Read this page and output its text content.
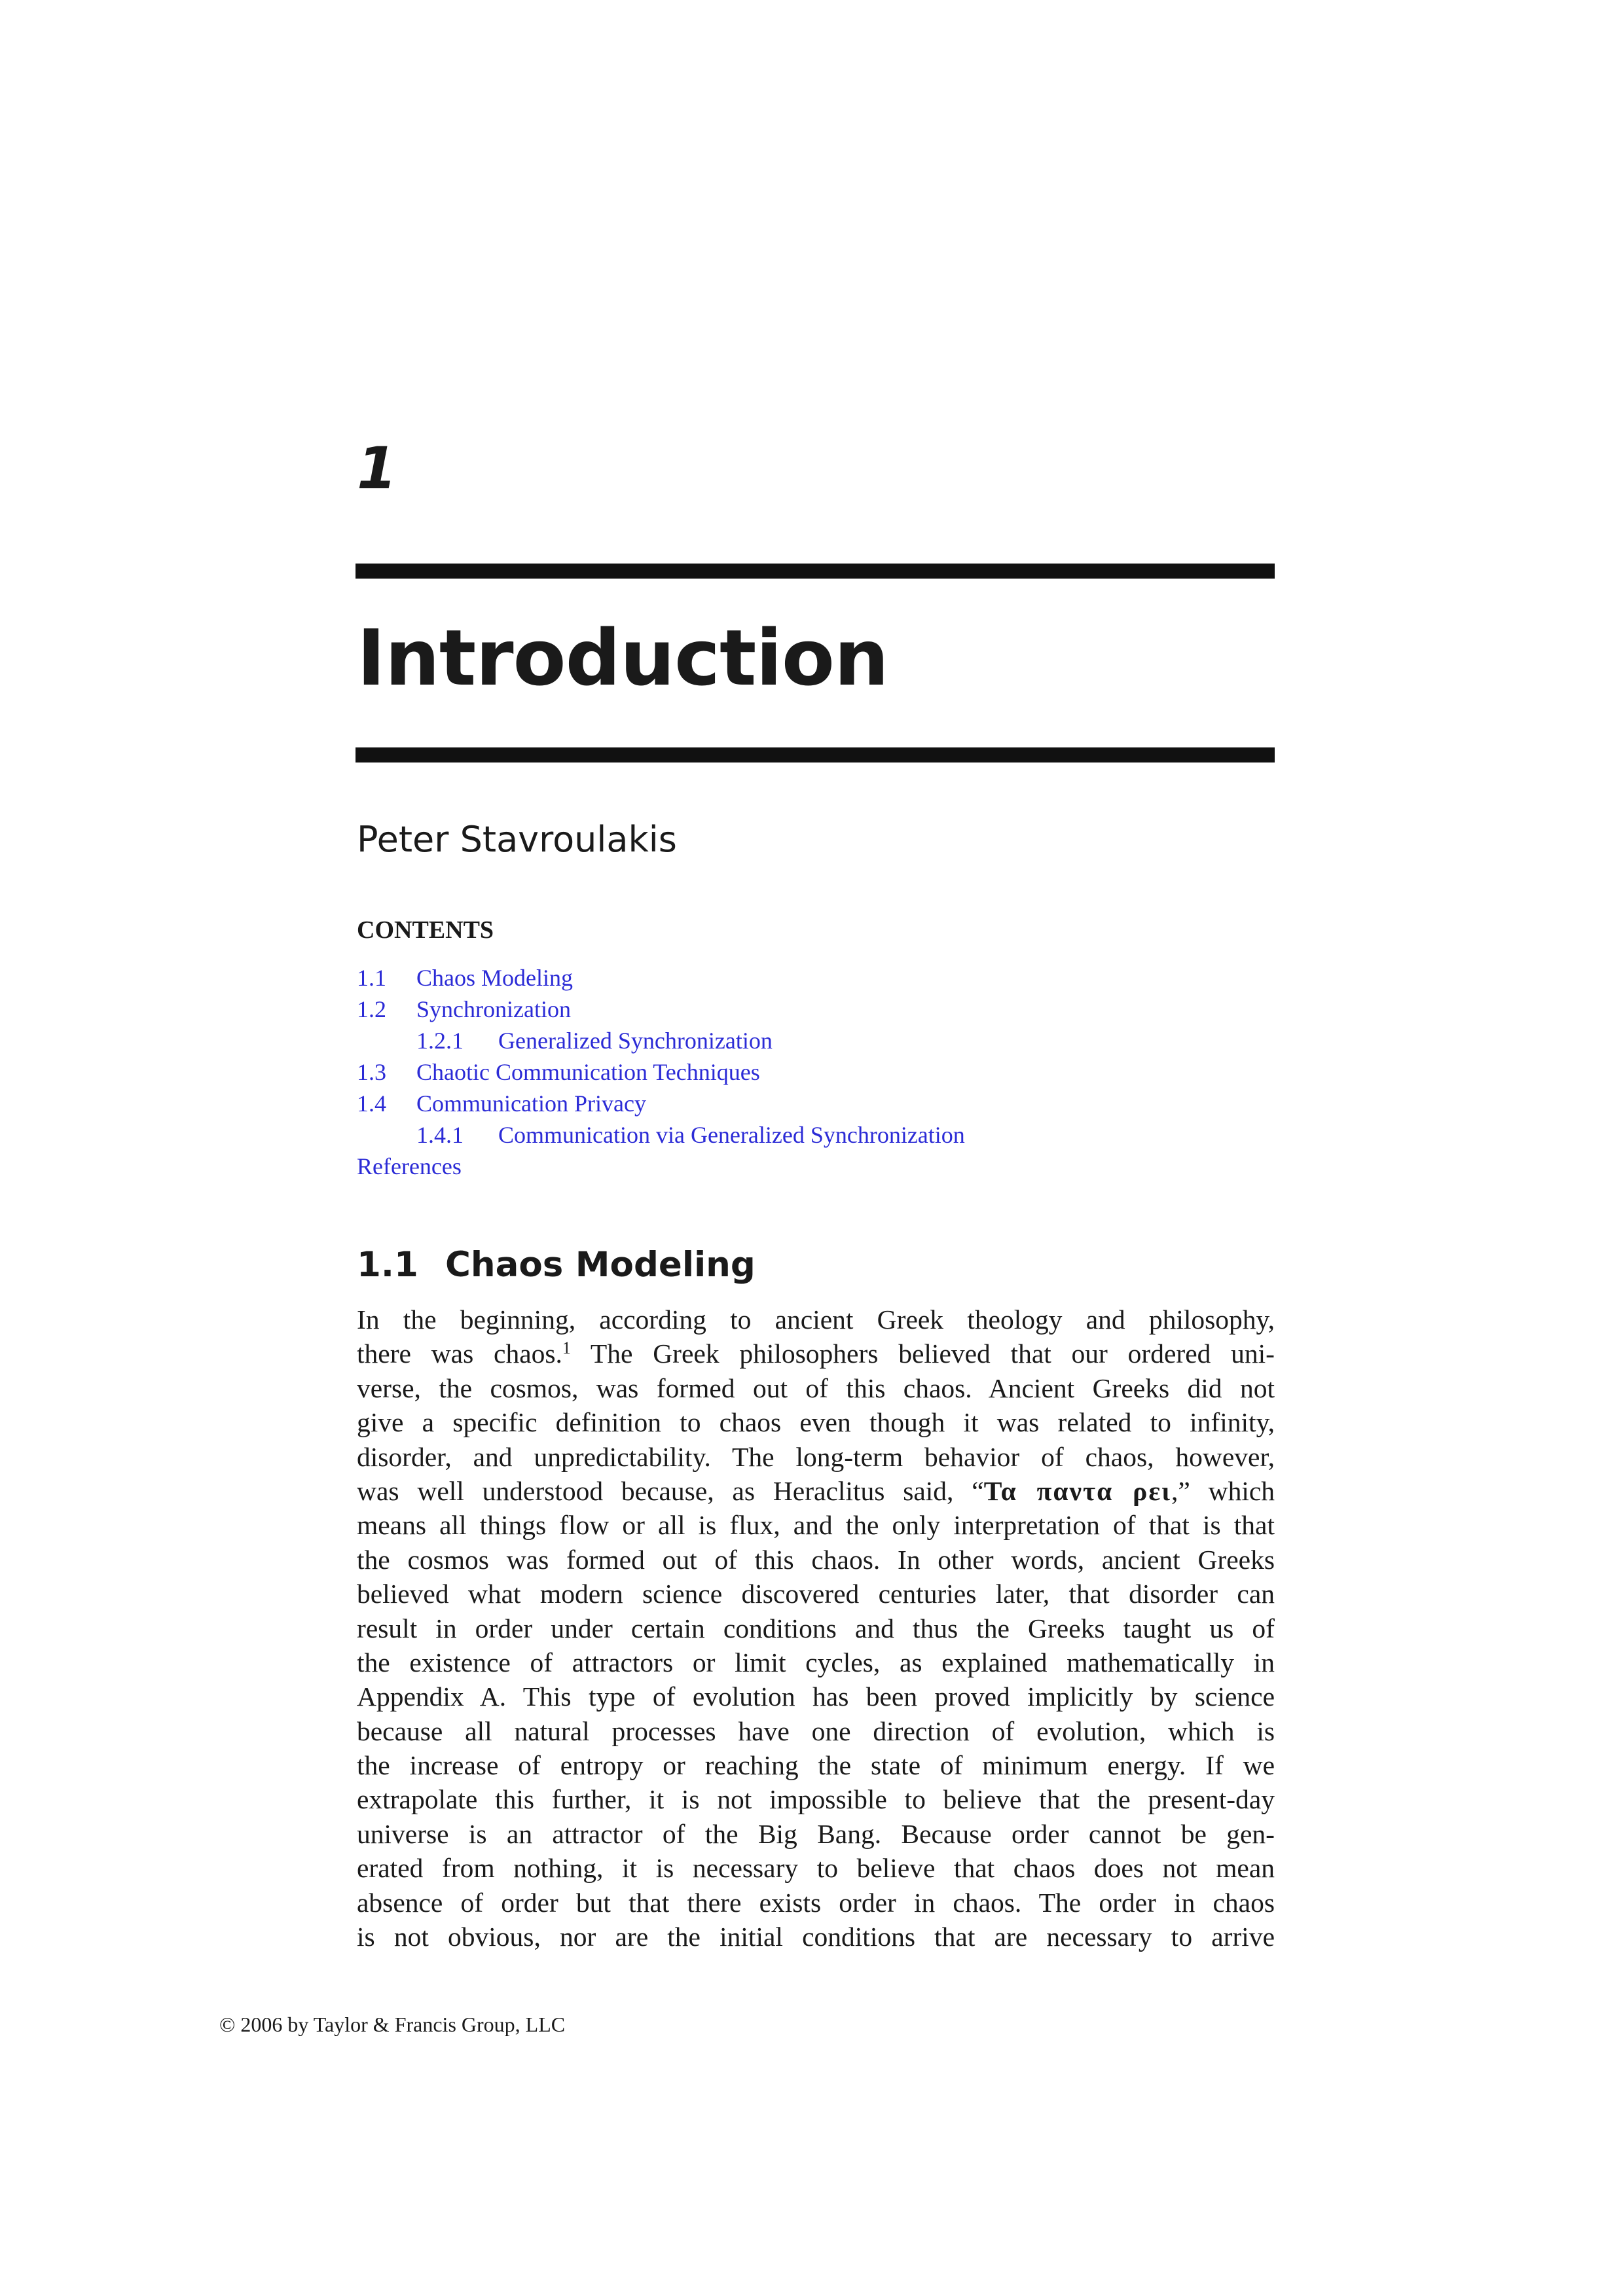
1
Introduction

Peter Stavroulakis

CONTENTS
1.1 Chaos Modeling
1.2 Synchronization
1.2.1 Generalized Synchronization
1.3 Chaotic Communication Techniques
1.4 Communication Privacy
1.4.1 Communication via Generalized Synchronization
References
1.1 Chaos Modeling
In the beginning, according to ancient Greek theology and philosophy,
there was chaos.$^1$ The Greek philosophers believed that our ordered uni-
verse, the cosmos, was formed out of this chaos. Ancient Greeks did not
give a specific definition to chaos even though it was related to infinity,
disorder, and unpredictability. The long-term behavior of chaos, however,
was well understood because, as Heraclitus said, “Τα παντα ρει,” which
means all things flow or all is flux, and the only interpretation of that is that
the cosmos was formed out of this chaos. In other words, ancient Greeks
believed what modern science discovered centuries later, that disorder can
result in order under certain conditions and thus the Greeks taught us of
the existence of attractors or limit cycles, as explained mathematically in
Appendix A. This type of evolution has been proved implicitly by science
because all natural processes have one direction of evolution, which is
the increase of entropy or reaching the state of minimum energy. If we
extrapolate this further, it is not impossible to believe that the present-day
universe is an attractor of the Big Bang. Because order cannot be gen-
erated from nothing, it is necessary to believe that chaos does not mean
absence of order but that there exists order in chaos. The order in chaos
is not obvious, nor are the initial conditions that are necessary to arrive

© 2006 by Taylor & Francis Group, LLC
